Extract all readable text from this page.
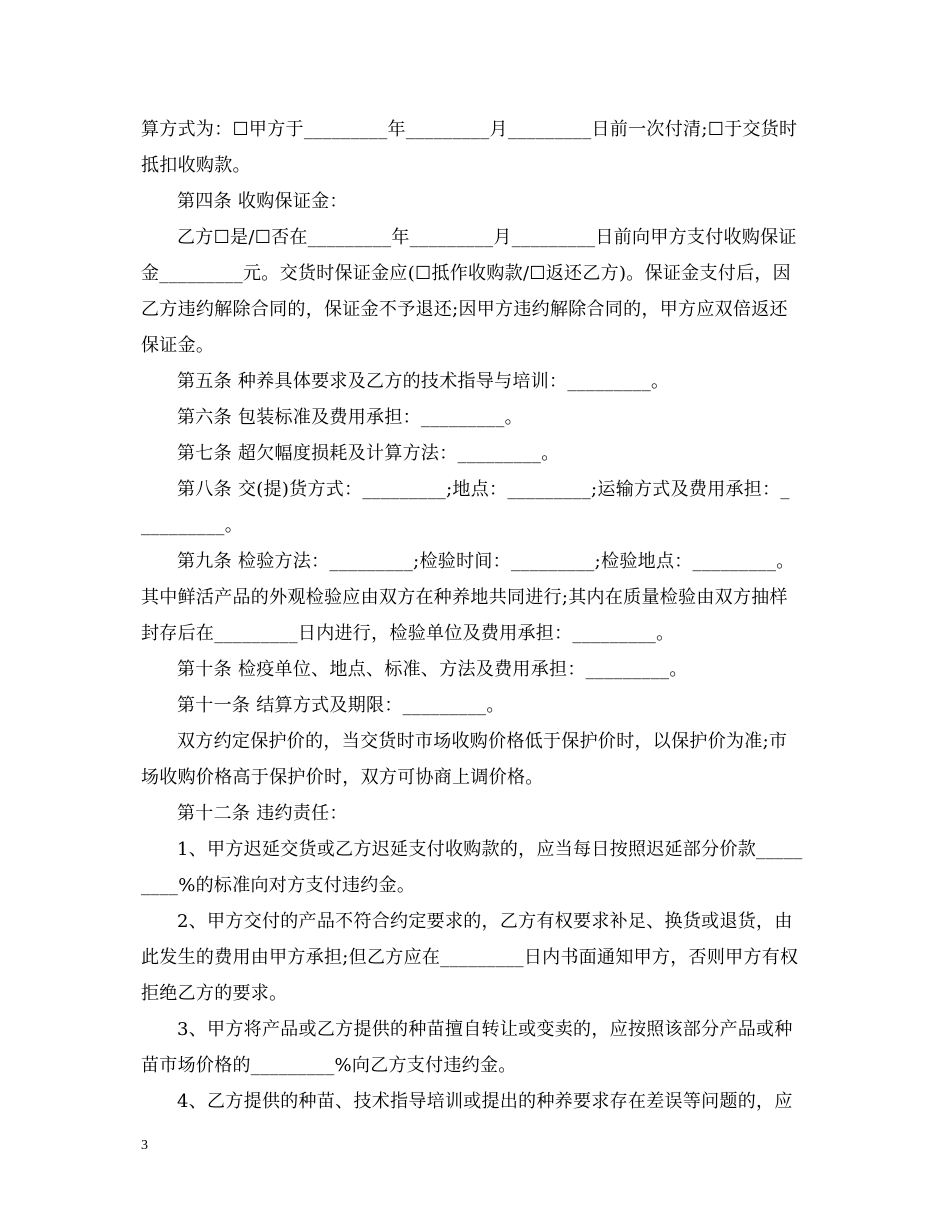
算方式为：☐甲方于_________年_________月_________日前一次付清;☐于交货时
抵扣收购款。
第四条 收购保证金：
乙方☐是/☐否在_________年_________月_________日前向甲方支付收购保证
金_________元。交货时保证金应(☐抵作收购款/☐返还乙方)。保证金支付后，因
乙方违约解除合同的，保证金不予退还;因甲方违约解除合同的，甲方应双倍返还
保证金。
第五条 种养具体要求及乙方的技术指导与培训：_________。
第六条 包装标准及费用承担：_________。
第七条 超欠幅度损耗及计算方法：_________。
第八条 交(提)货方式：_________;地点：_________;运输方式及费用承担：_
_________。
第九条 检验方法：_________;检验时间：_________;检验地点：_________。
其中鲜活产品的外观检验应由双方在种养地共同进行;其内在质量检验由双方抽样
封存后在_________日内进行，检验单位及费用承担：_________。
第十条 检疫单位、地点、标准、方法及费用承担：_________。
第十一条 结算方式及期限：_________。
双方约定保护价的，当交货时市场收购价格低于保护价时，以保护价为准;市
场收购价格高于保护价时，双方可协商上调价格。
第十二条 违约责任：
1、甲方迟延交货或乙方迟延支付收购款的，应当每日按照迟延部分价款_____
____%的标准向对方支付违约金。
2、甲方交付的产品不符合约定要求的，乙方有权要求补足、换货或退货，由
此发生的费用由甲方承担;但乙方应在_________日内书面通知甲方，否则甲方有权
拒绝乙方的要求。
3、甲方将产品或乙方提供的种苗擅自转让或变卖的，应按照该部分产品或种
苗市场价格的_________%向乙方支付违约金。
4、乙方提供的种苗、技术指导培训或提出的种养要求存在差误等问题的，应
3
